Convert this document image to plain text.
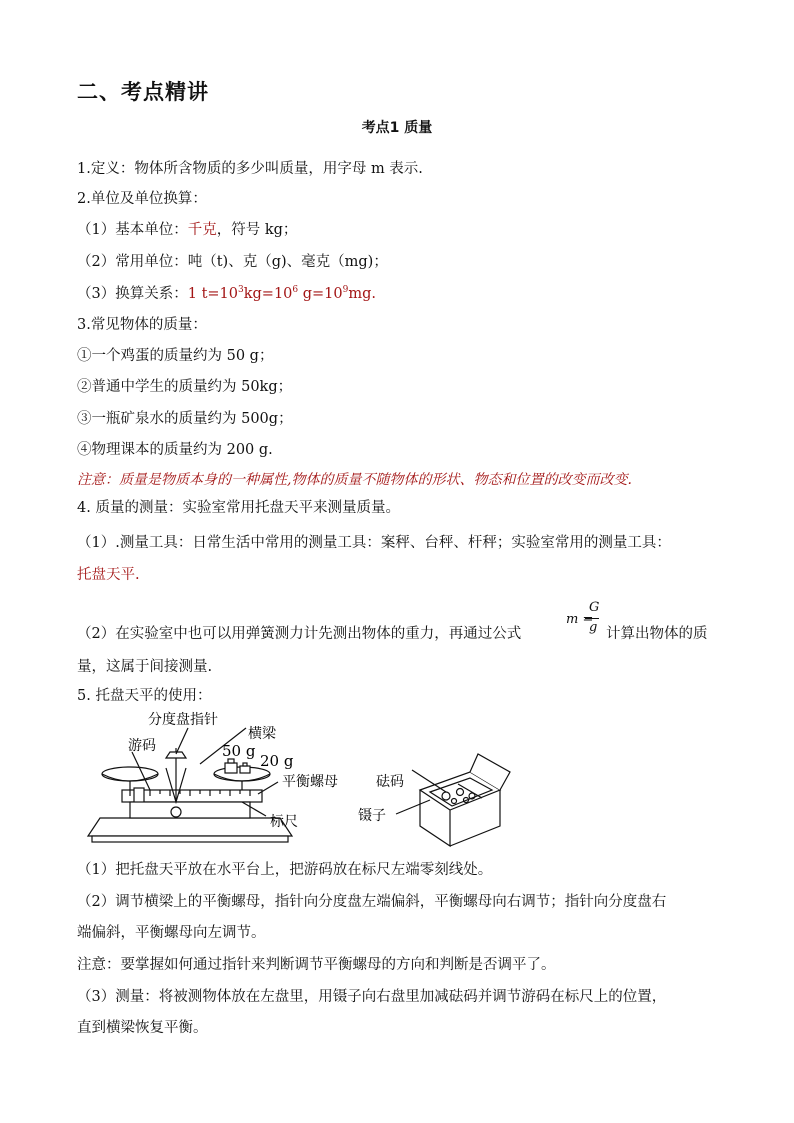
二、考点精讲
考点1 质量
1.定义：物体所含物质的多少叫质量，用字母 m 表示.
2.单位及单位换算：
（1）基本单位：千克，符号 kg；
（2）常用单位：吨（t)、克（g)、毫克（mg)；
（3）换算关系：1 $t=10^3kg=10^6$ $g=10^9mg$.
3.常见物体的质量：
①一个鸡蛋的质量约为 50 g；
②普通中学生的质量约为 50kg；
③一瓶矿泉水的质量约为 500g；
④物理课本的质量约为 200 g.
注意：质量是物质本身的一种属性,物体的质量不随物体的形状、物态和位置的改变而改变.
4. 质量的测量：实验室常用托盘天平来测量质量。
（1）.测量工具：日常生活中常用的测量工具：案秤、台秤、杆秤；实验室常用的测量工具：
托盘天平.
（2）在实验室中也可以用弹簧测力计先测出物体的重力，再通过公式
m =
G
g 计算出物体的质
量，这属于间接测量.
5. 托盘天平的使用：
分度盘指针
横梁
游码	50 g
20 g
平衡螺母	砝码
镊子
标尺
（1）把托盘天平放在水平台上，把游码放在标尺左端零刻线处。
（2）调节横梁上的平衡螺母，指针向分度盘左端偏斜，平衡螺母向右调节；指针向分度盘右
端偏斜，平衡螺母向左调节。
注意：要掌握如何通过指针来判断调节平衡螺母的方向和判断是否调平了。
（3）测量：将被测物体放在左盘里，用镊子向右盘里加减砝码并调节游码在标尺上的位置，
直到横梁恢复平衡。
